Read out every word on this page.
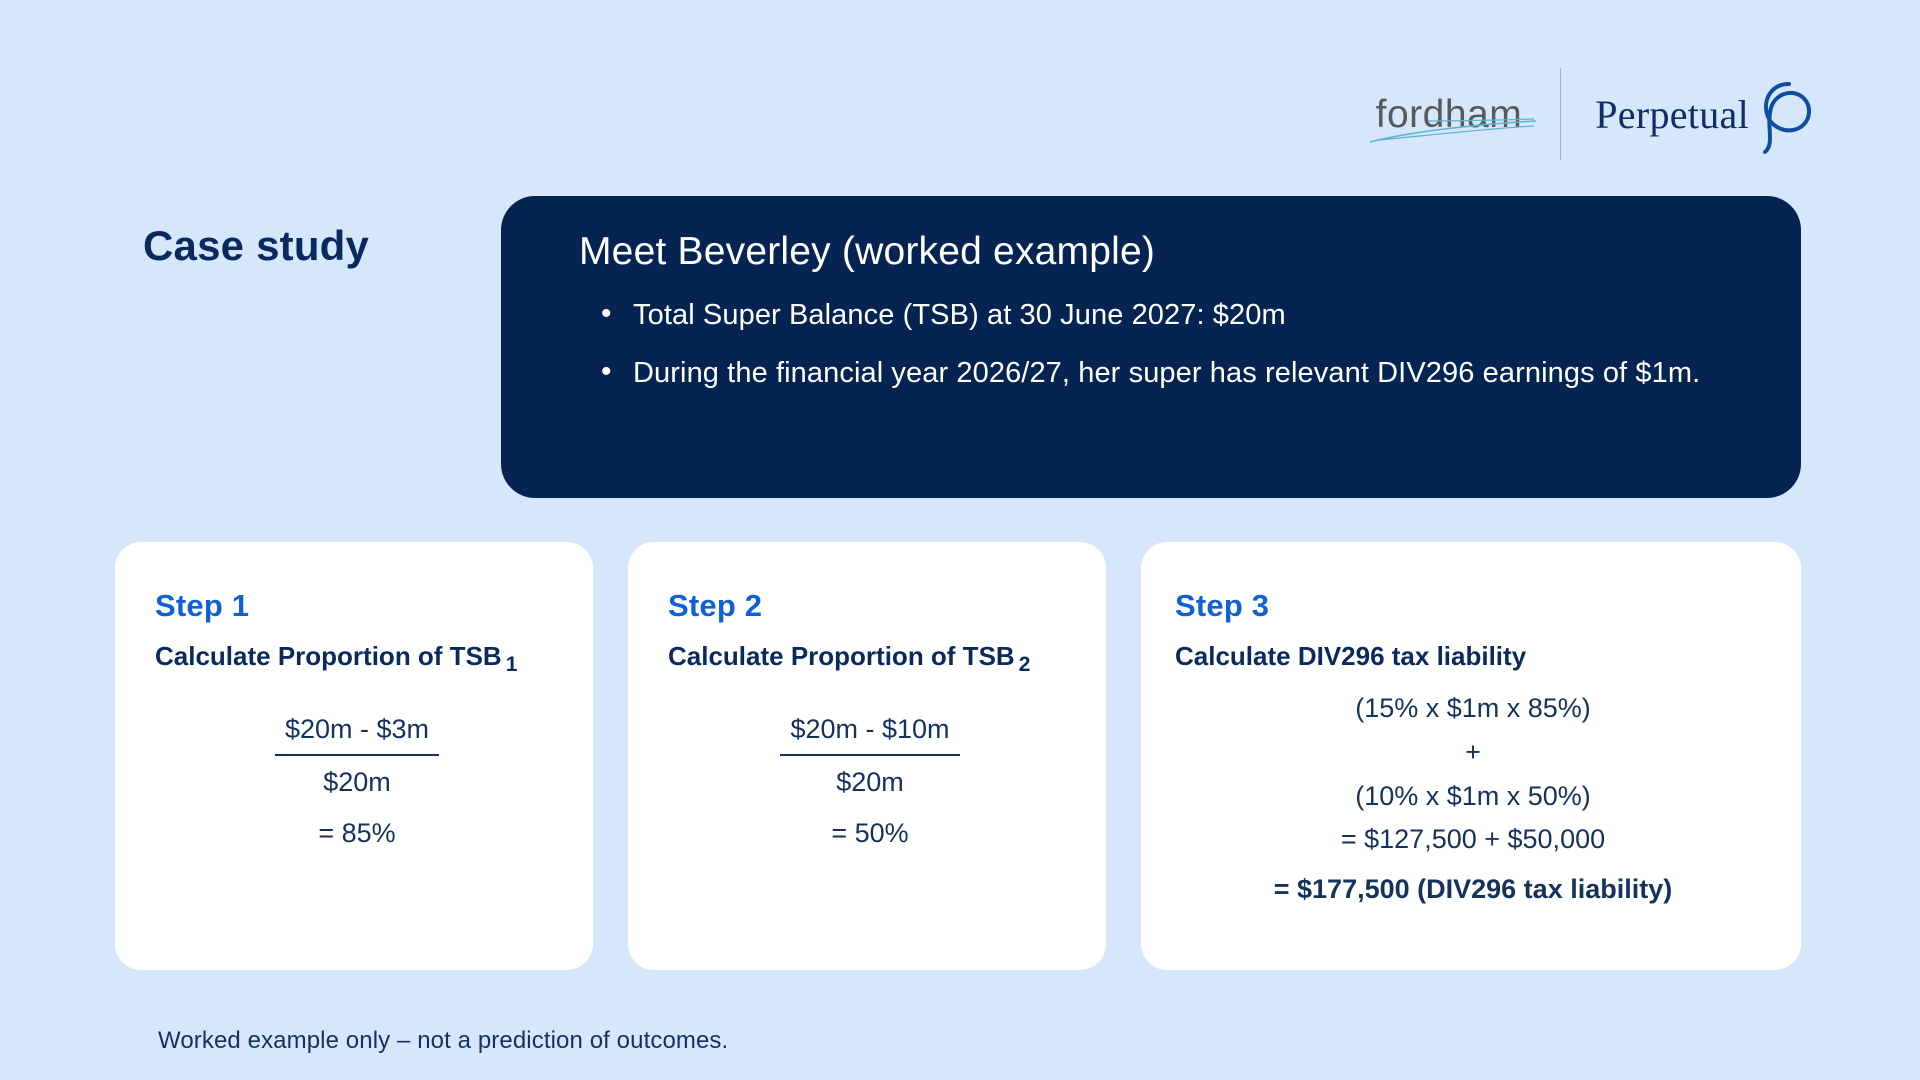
fordham	Perpetual
Case study	Meet Beverley (worked example)
• Total Super Balance (TSB) at 30 June 2027: $20m
• During the financial year 2026/27, her super has relevant DIV296 earnings of $1m.
Step 1
Calculate Proportion of TSB $_1$
$\frac{\$20m - \$3m}{\$20m}$
= 85%
Step 2
Calculate Proportion of TSB $_2$
$\frac{\$20m - \$10m}{\$20m}$
= 50%
Step 3
Calculate DIV296 tax liability
(15% x $1m x 85%)
+
(10% x $1m x 50%)
= $127,500 + $50,000
= $177,500 (DIV296 tax liability)
Worked example only – not a prediction of outcomes.
